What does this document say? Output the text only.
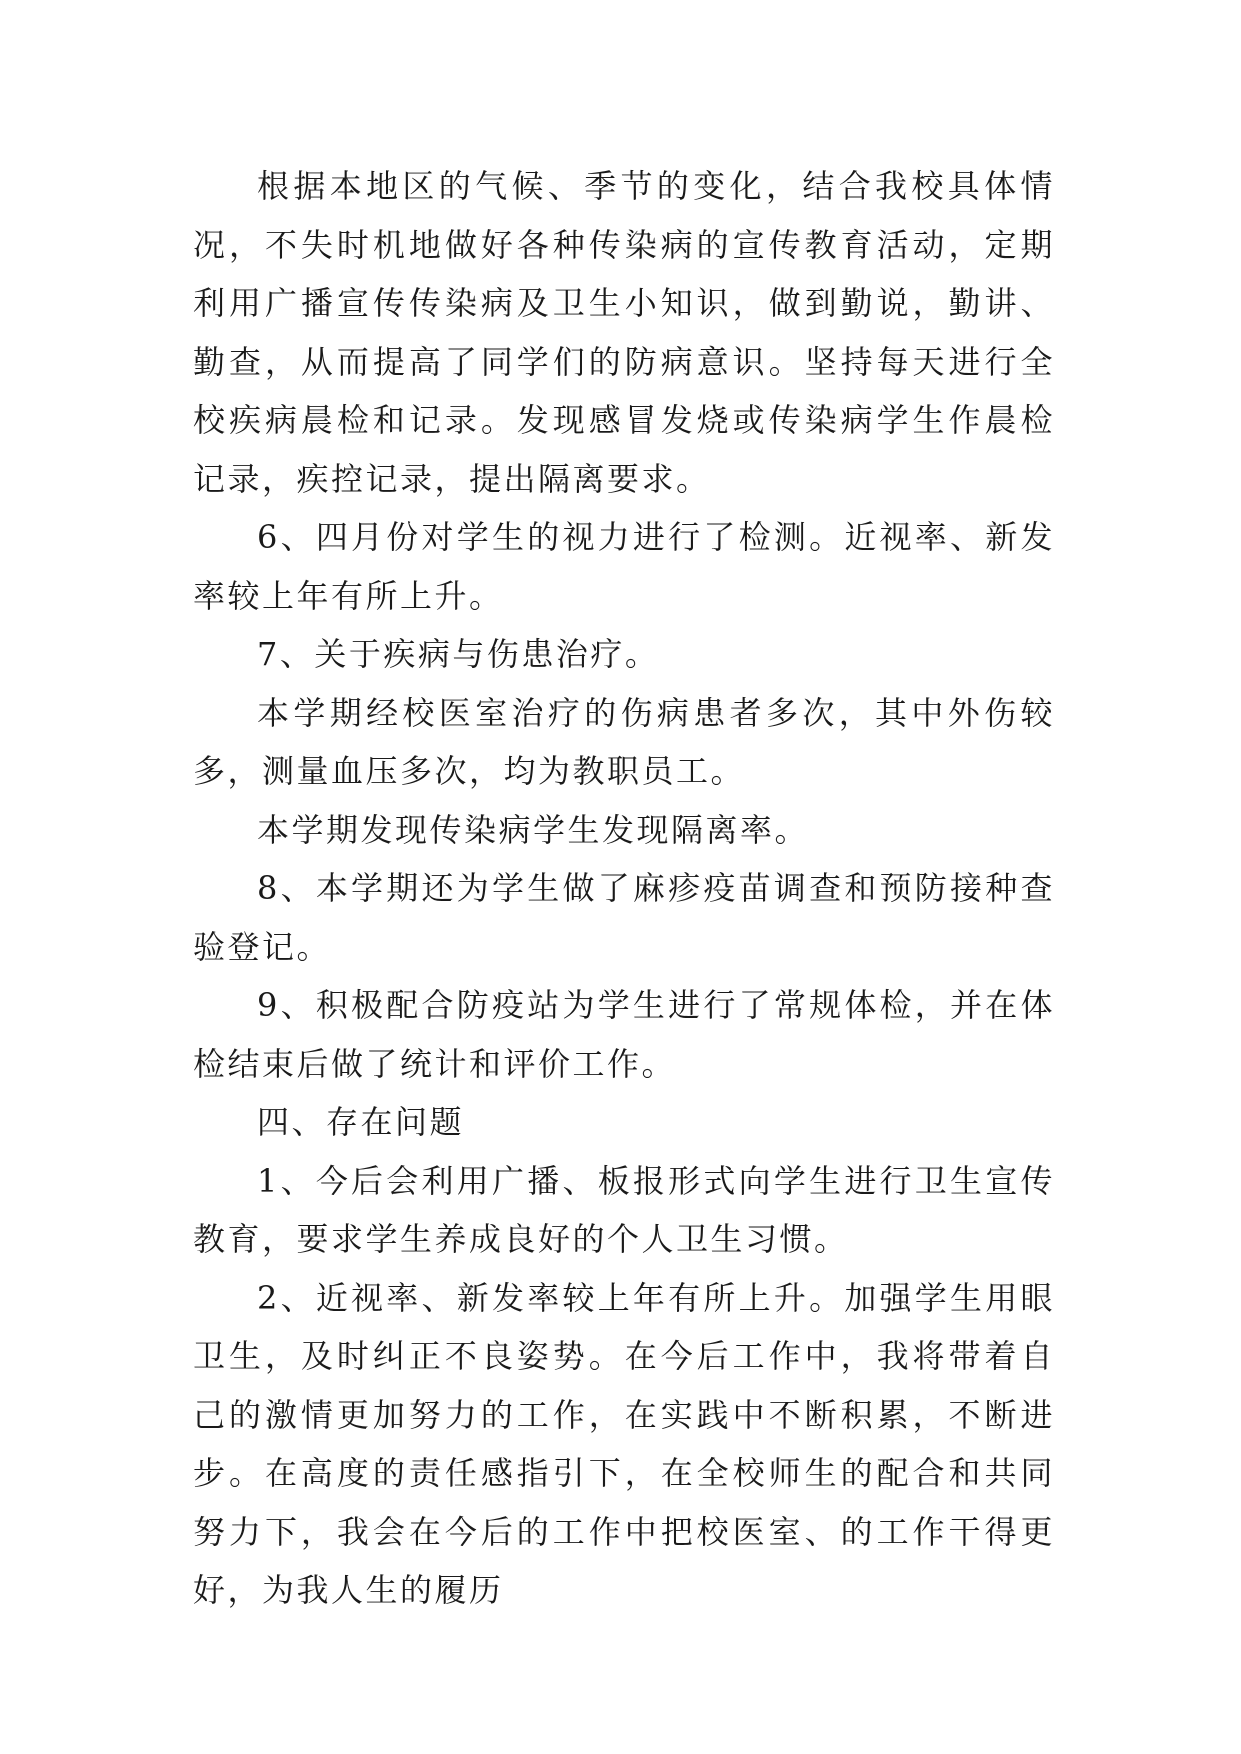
根据本地区的气候、季节的变化，结合我校具体情况，不失时机地做好各种传染病的宣传教育活动，定期利用广播宣传传染病及卫生小知识，做到勤说，勤讲、勤查，从而提高了同学们的防病意识。坚持每天进行全校疾病晨检和记录。发现感冒发烧或传染病学生作晨检记录，疾控记录，提出隔离要求。

6、四月份对学生的视力进行了检测。近视率、新发率较上年有所上升。

7、关于疾病与伤患治疗。

本学期经校医室治疗的伤病患者多次，其中外伤较多，测量血压多次，均为教职员工。

本学期发现传染病学生发现隔离率。

8、本学期还为学生做了麻疹疫苗调查和预防接种查验登记。

9、积极配合防疫站为学生进行了常规体检，并在体检结束后做了统计和评价工作。

四、存在问题

1、今后会利用广播、板报形式向学生进行卫生宣传教育，要求学生养成良好的个人卫生习惯。

2、近视率、新发率较上年有所上升。加强学生用眼卫生，及时纠正不良姿势。在今后工作中，我将带着自己的激情更加努力的工作，在实践中不断积累，不断进步。在高度的责任感指引下，在全校师生的配合和共同努力下，我会在今后的工作中把校医室、的工作干得更好，为我人生的履历
